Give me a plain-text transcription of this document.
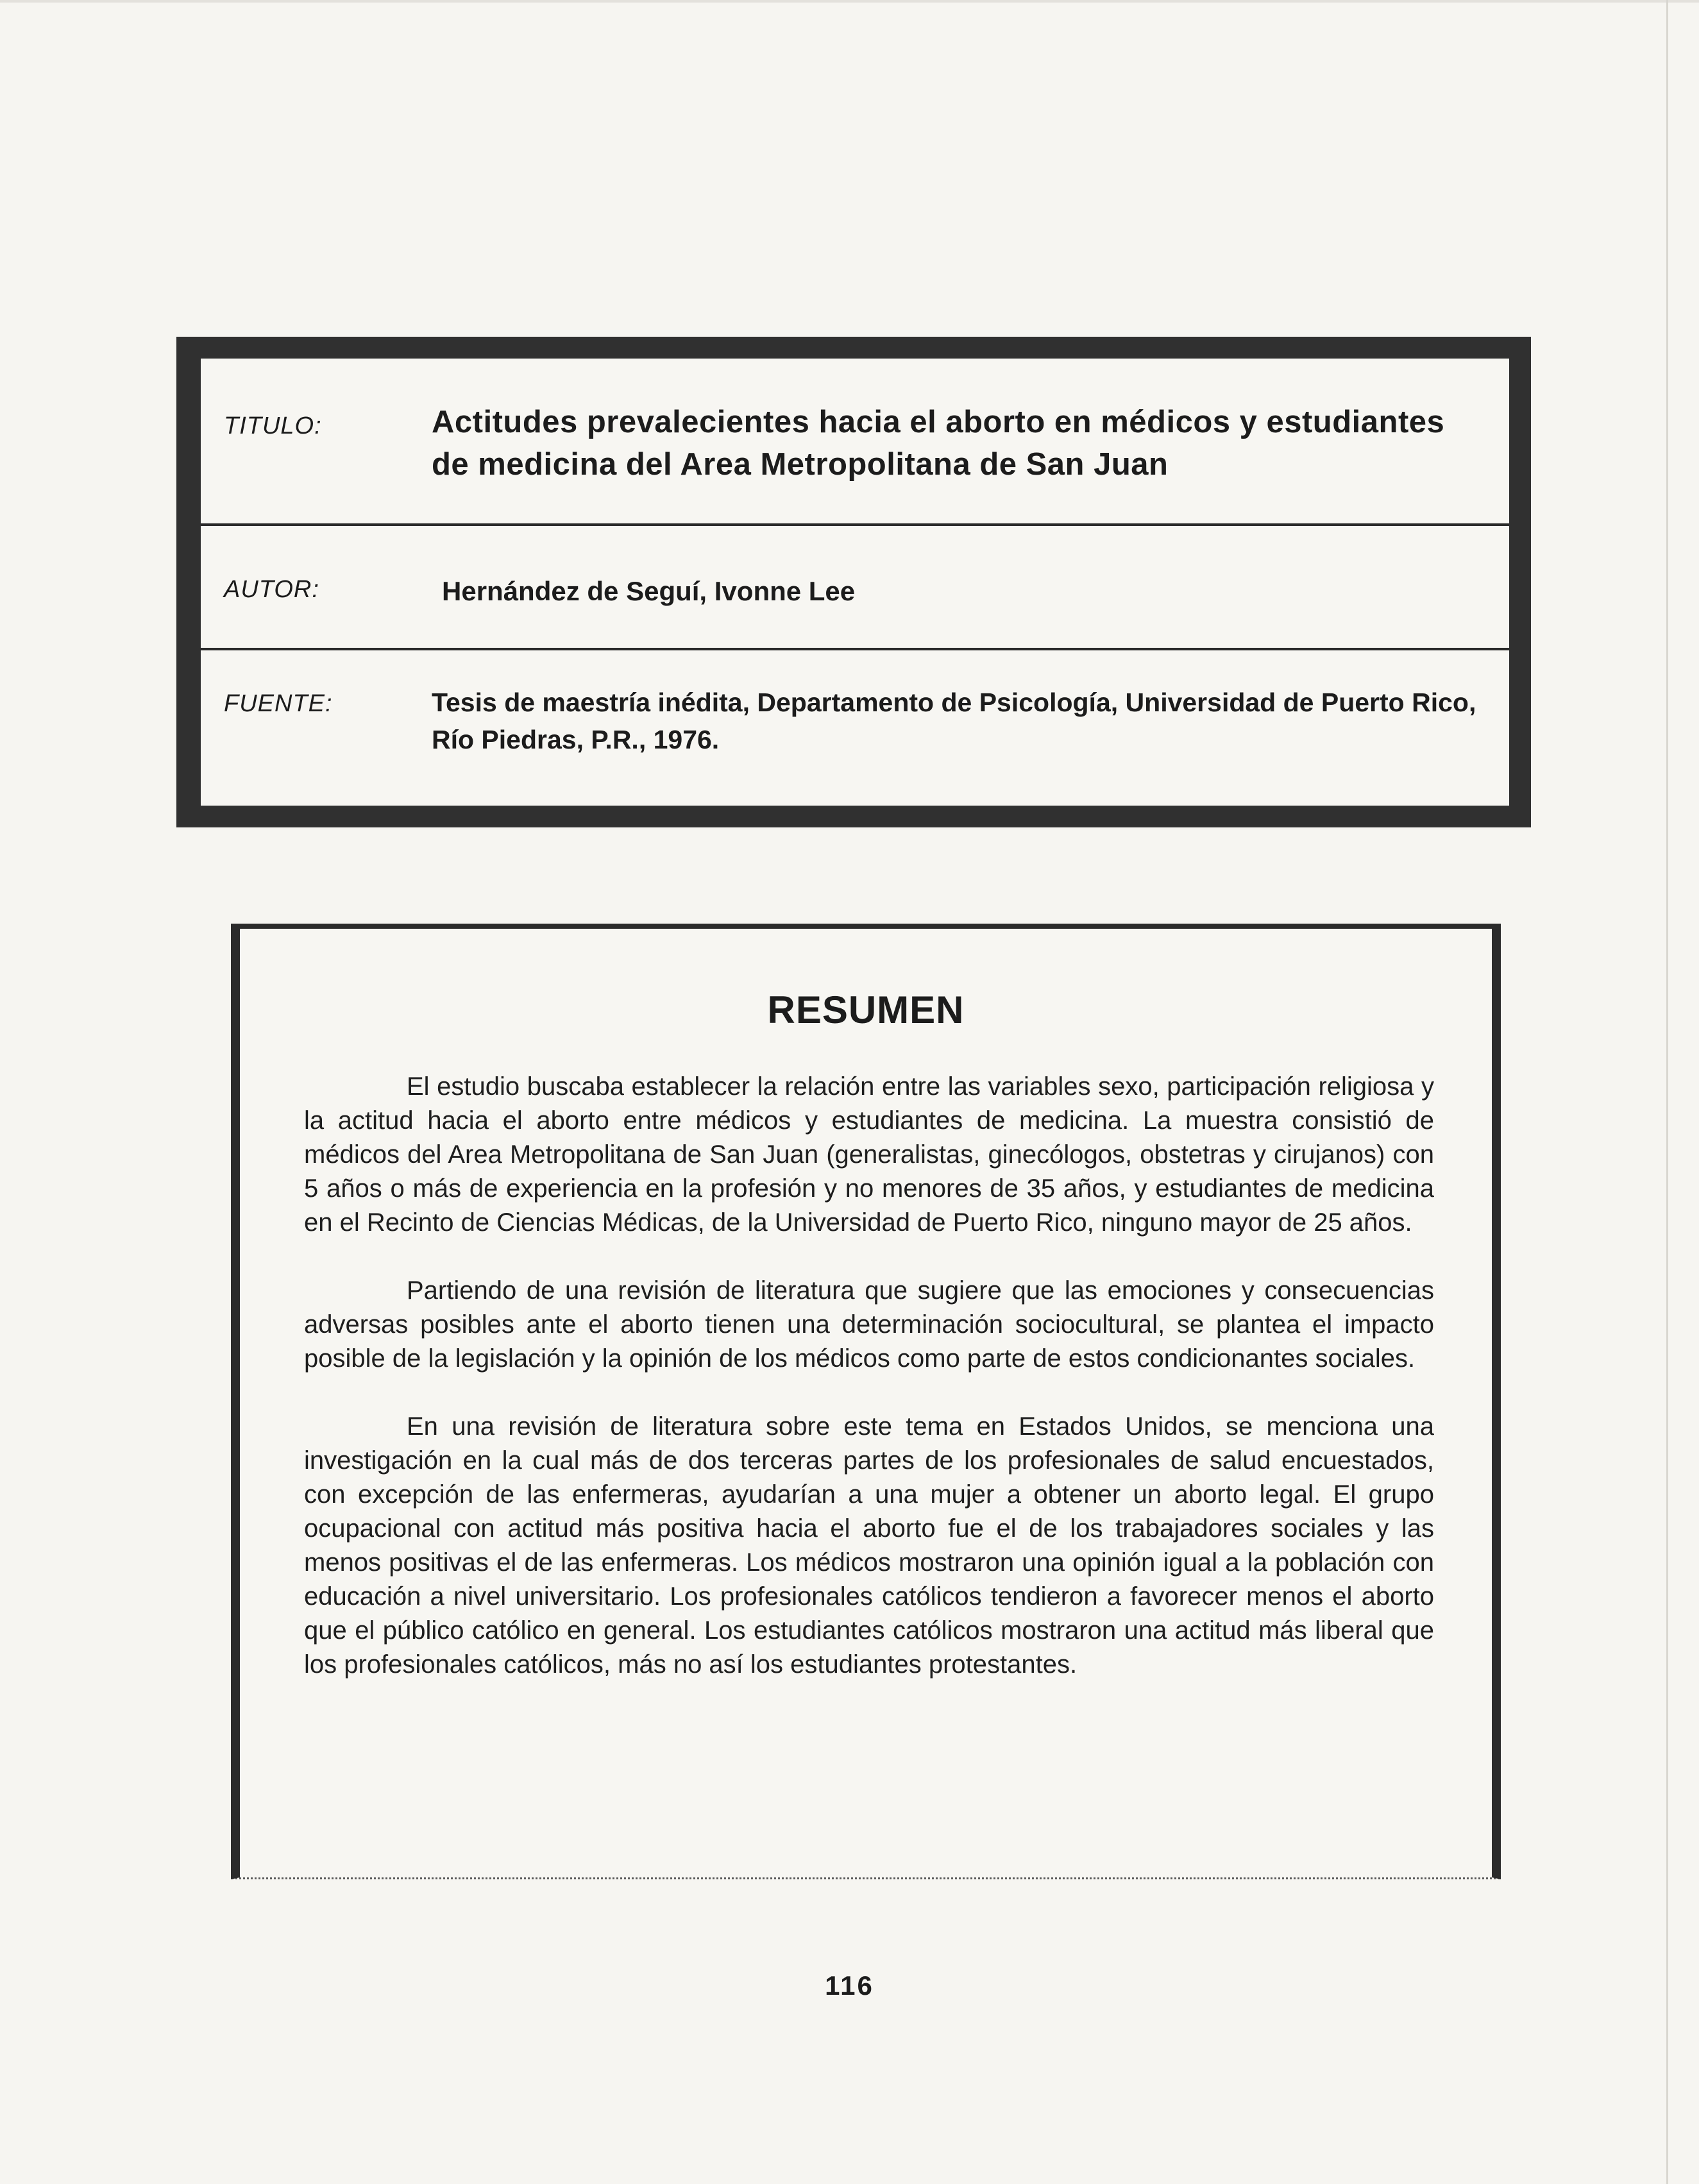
TITULO:	Actitudes prevalecientes hacia el aborto en médicos y estudiantes de medicina del Area Metropolitana de San Juan
AUTOR:	Hernández de Seguí, Ivonne Lee
FUENTE:	Tesis de maestría inédita, Departamento de Psicología, Universidad de Puerto Rico, Río Piedras, P.R., 1976.
RESUMEN

El estudio buscaba establecer la relación entre las variables sexo, participación religiosa y la actitud hacia el aborto entre médicos y estudiantes de medicina. La muestra consistió de médicos del Area Metropolitana de San Juan (generalistas, ginecólogos, obstetras y cirujanos) con 5 años o más de experiencia en la profesión y no menores de 35 años, y estudiantes de medicina en el Recinto de Ciencias Médicas, de la Universidad de Puerto Rico, ninguno mayor de 25 años.

Partiendo de una revisión de literatura que sugiere que las emociones y consecuencias adversas posibles ante el aborto tienen una determinación sociocultural, se plantea el impacto posible de la legislación y la opinión de los médicos como parte de estos condicionantes sociales.

En una revisión de literatura sobre este tema en Estados Unidos, se menciona una investigación en la cual más de dos terceras partes de los profesionales de salud encuestados, con excepción de las enfermeras, ayudarían a una mujer a obtener un aborto legal. El grupo ocupacional con actitud más positiva hacia el aborto fue el de los trabajadores sociales y las menos positivas el de las enfermeras. Los médicos mostraron una opinión igual a la población con educación a nivel universitario. Los profesionales católicos tendieron a favorecer menos el aborto que el público católico en general. Los estudiantes católicos mostraron una actitud más liberal que los profesionales católicos, más no así los estudiantes protestantes.

116
